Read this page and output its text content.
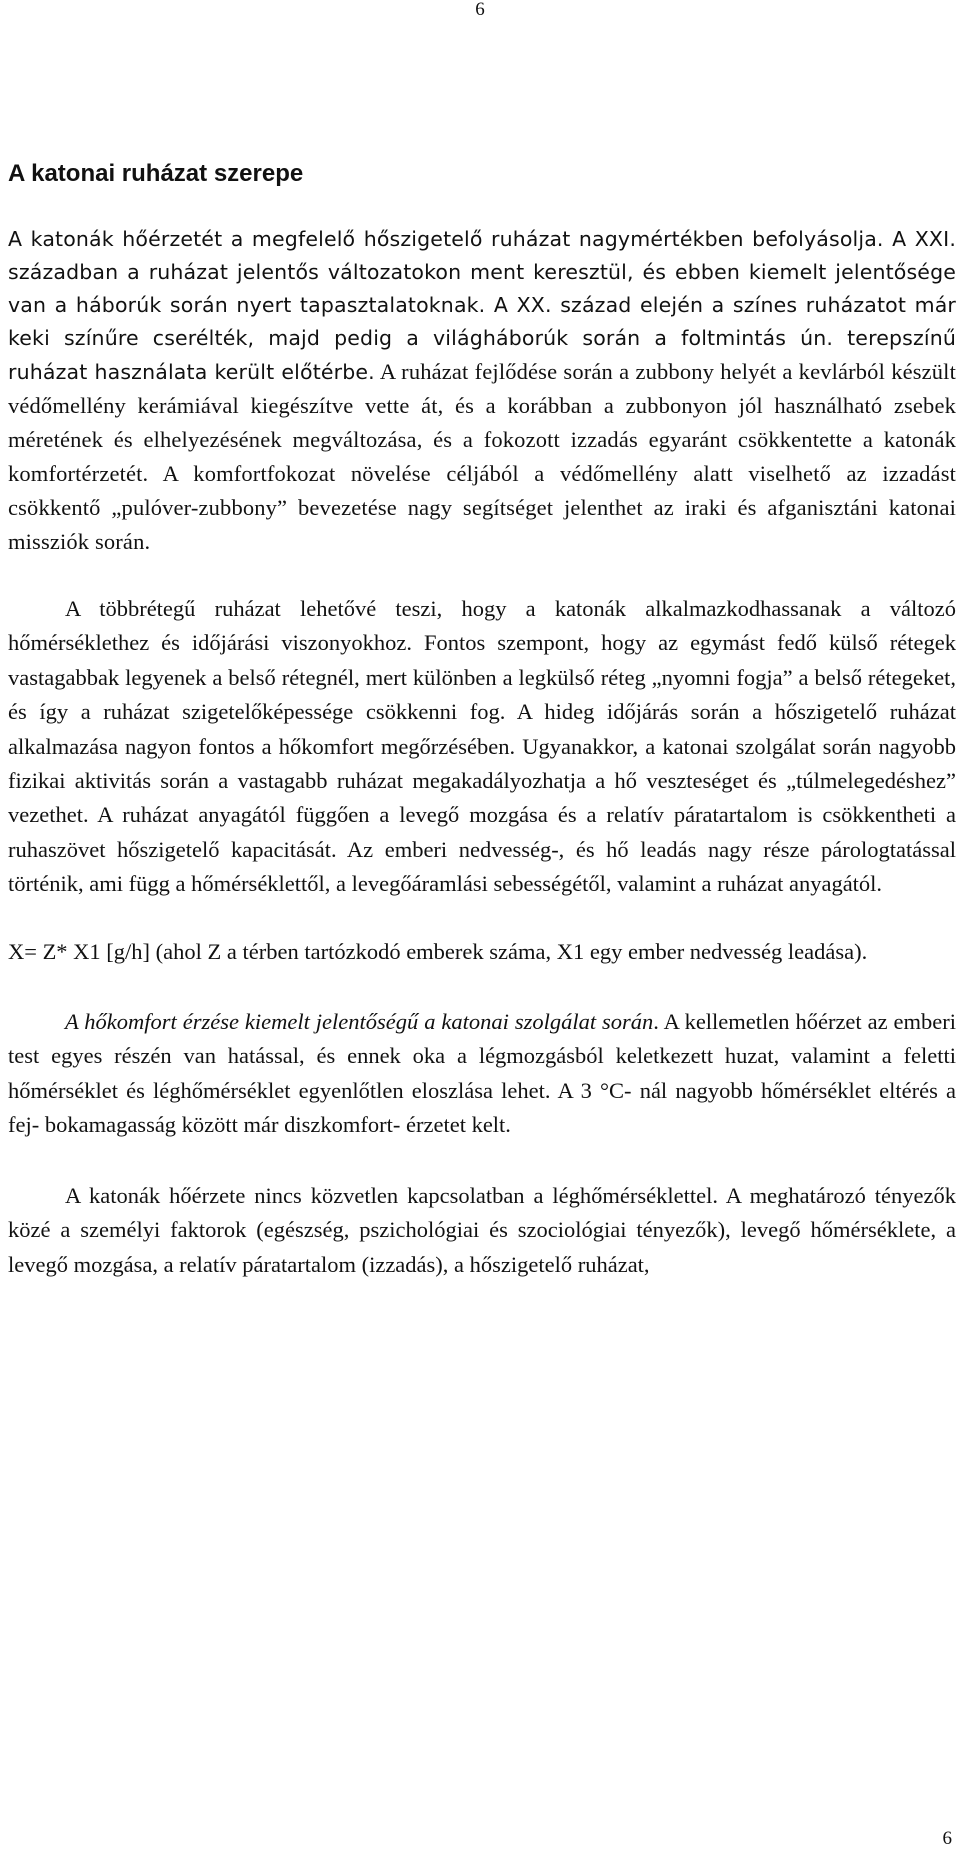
6
A katonai ruházat szerepe

A katonák hőérzetét a megfelelő hőszigetelő ruházat nagymértékben befolyásolja. A XXI. században a ruházat jelentős változatokon ment keresztül, és ebben kiemelt jelentősége van a háborúk során nyert tapasztalatoknak. A XX. század elején a színes ruházatot már keki színűre cserélték, majd pedig a világháborúk során a foltmintás ún. terepszínű ruházat használata került előtérbe. A ruházat fejlődése során a zubbony helyét a kevlárból készült védőmellény kerámiával kiegészítve vette át, és a korábban a zubbonyon jól használható zsebek méretének és elhelyezésének megváltozása, és a fokozott izzadás egyaránt csökkentette a katonák komfortérzetét. A komfortfokozat növelése céljából a védőmellény alatt viselhető az izzadást csökkentő „pulóver-zubbony” bevezetése nagy segítséget jelenthet az iraki és afganisztáni katonai missziók során.

A többrétegű ruházat lehetővé teszi, hogy a katonák alkalmazkodhassanak a változó hőmérséklethez és időjárási viszonyokhoz. Fontos szempont, hogy az egymást fedő külső rétegek vastagabbak legyenek a belső rétegnél, mert különben a legkülső réteg „nyomni fogja” a belső rétegeket, és így a ruházat szigetelőképessége csökkenni fog. A hideg időjárás során a hőszigetelő ruházat alkalmazása nagyon fontos a hőkomfort megőrzésében. Ugyanakkor, a katonai szolgálat során nagyobb fizikai aktivitás során a vastagabb ruházat megakadályozhatja a hő veszteséget és „túlmelegedéshez” vezethet. A ruházat anyagától függően a levegő mozgása és a relatív páratartalom is csökkentheti a ruhaszövet hőszigetelő kapacitását. Az emberi nedvesség-, és hő leadás nagy része párologtatással történik, ami függ a hőmérséklettől, a levegőáramlási sebességétől, valamint a ruházat anyagától.

X= Z* X1 [g/h] (ahol Z a térben tartózkodó emberek száma, X1 egy ember nedvesség leadása).

A hőkomfort érzése kiemelt jelentőségű a katonai szolgálat során. A kellemetlen hőérzet az emberi test egyes részén van hatással, és ennek oka a légmozgásból keletkezett huzat, valamint a feletti hőmérséklet és léghőmérséklet egyenlőtlen eloszlása lehet. A 3 °C- nál nagyobb hőmérséklet eltérés a fej- bokamagasság között már diszkomfort- érzetet kelt.

A katonák hőérzete nincs közvetlen kapcsolatban a léghőmérséklettel. A meghatározó tényezők közé a személyi faktorok (egészség, pszichológiai és szociológiai tényezők), levegő hőmérséklete, a levegő mozgása, a relatív páratartalom (izzadás), a hőszigetelő ruházat,

6
